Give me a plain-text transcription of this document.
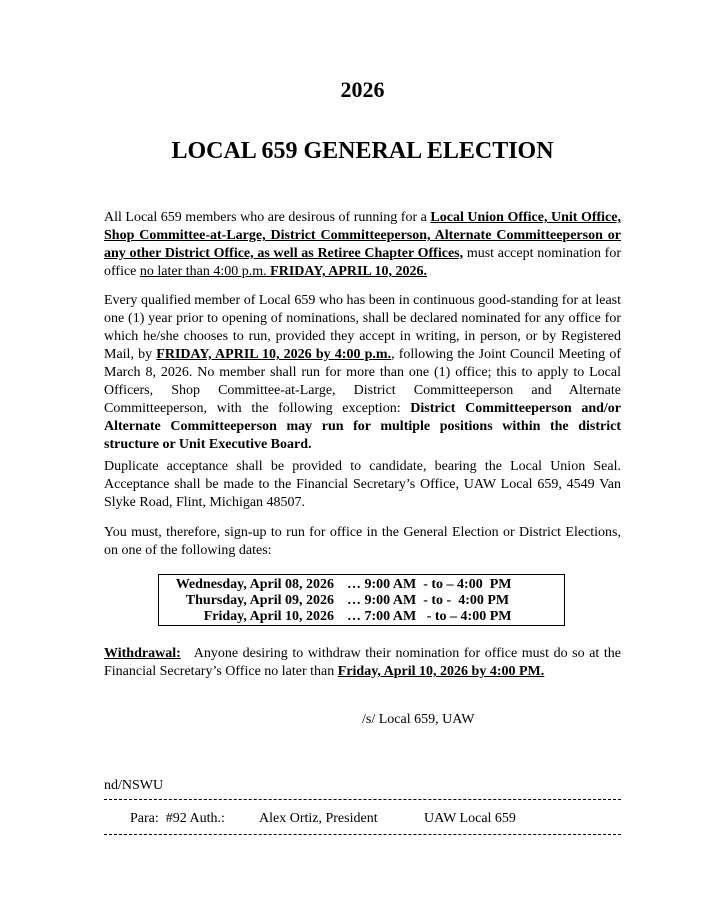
2026
LOCAL 659 GENERAL ELECTION
All Local 659 members who are desirous of running for a Local Union Office, Unit Office, Shop Committee-at-Large, District Committeeperson, Alternate Committeeperson or any other District Office, as well as Retiree Chapter Offices, must accept nomination for office no later than 4:00 p.m. FRIDAY, APRIL 10, 2026.
Every qualified member of Local 659 who has been in continuous good-standing for at least one (1) year prior to opening of nominations, shall be declared nominated for any office for which he/she chooses to run, provided they accept in writing, in person, or by Registered Mail, by FRIDAY, APRIL 10, 2026 by 4:00 p.m., following the Joint Council Meeting of March 8, 2026. No member shall run for more than one (1) office; this to apply to Local Officers, Shop Committee-at-Large, District Committeeperson and Alternate Committeeperson, with the following exception: District Committeeperson and/or Alternate Committeeperson may run for multiple positions within the district structure or Unit Executive Board.
Duplicate acceptance shall be provided to candidate, bearing the Local Union Seal. Acceptance shall be made to the Financial Secretary’s Office, UAW Local 659, 4549 Van Slyke Road, Flint, Michigan 48507.
You must, therefore, sign-up to run for office in the General Election or District Elections, on one of the following dates:
Wednesday, April 08, 2026 … 9:00 AM  - to – 4:00  PM
Thursday, April 09, 2026 … 9:00 AM  - to -  4:00 PM
Friday, April 10, 2026 … 7:00 AM   - to – 4:00 PM
Withdrawal:   Anyone desiring to withdraw their nomination for office must do so at the Financial Secretary’s Office no later than Friday, April 10, 2026 by 4:00 PM.
/s/ Local 659, UAW
nd/NSWU
Para:  #92 Auth.: Alex Ortiz, President	UAW Local 659
